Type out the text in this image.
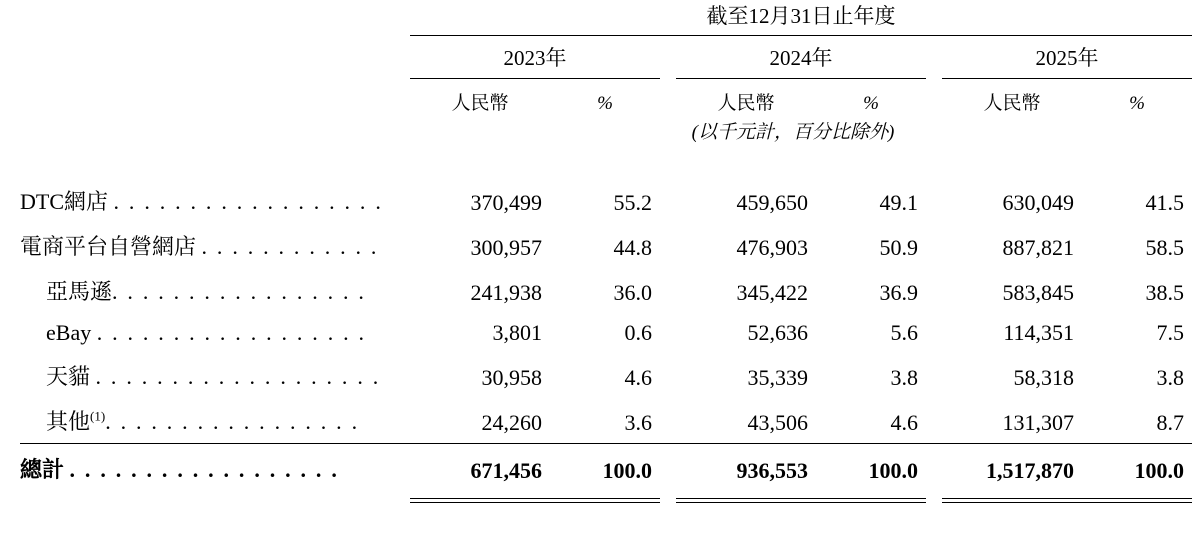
	截至12月31日止年度							
	2023年			2024年			2025年	
	人民幣	%		人民幣	%		人民幣	%
			(以千元計，百分比除外)					

DTC網店 . . . . . . . . . . . . . . . . . .	370,499	55.2		459,650	49.1		630,049	41.5
電商平台自營網店 . . . . . . . . . . . .	300,957	44.8		476,903	50.9		887,821	58.5
亞馬遜. . . . . . . . . . . . . . . . .	241,938	36.0		345,422	36.9		583,845	38.5
eBay . . . . . . . . . . . . . . . . . .	3,801	0.6		52,636	5.6		114,351	7.5
天貓 . . . . . . . . . . . . . . . . . . .	30,958	4.6		35,339	3.8		58,318	3.8
其他$^{(1)}$. . . . . . . . . . . . . . . . .	24,260	3.6		43,506	4.6		131,307	8.7
總計 . . . . . . . . . . . . . . . . . .	671,456	100.0		936,553	100.0		1,517,870	100.0
